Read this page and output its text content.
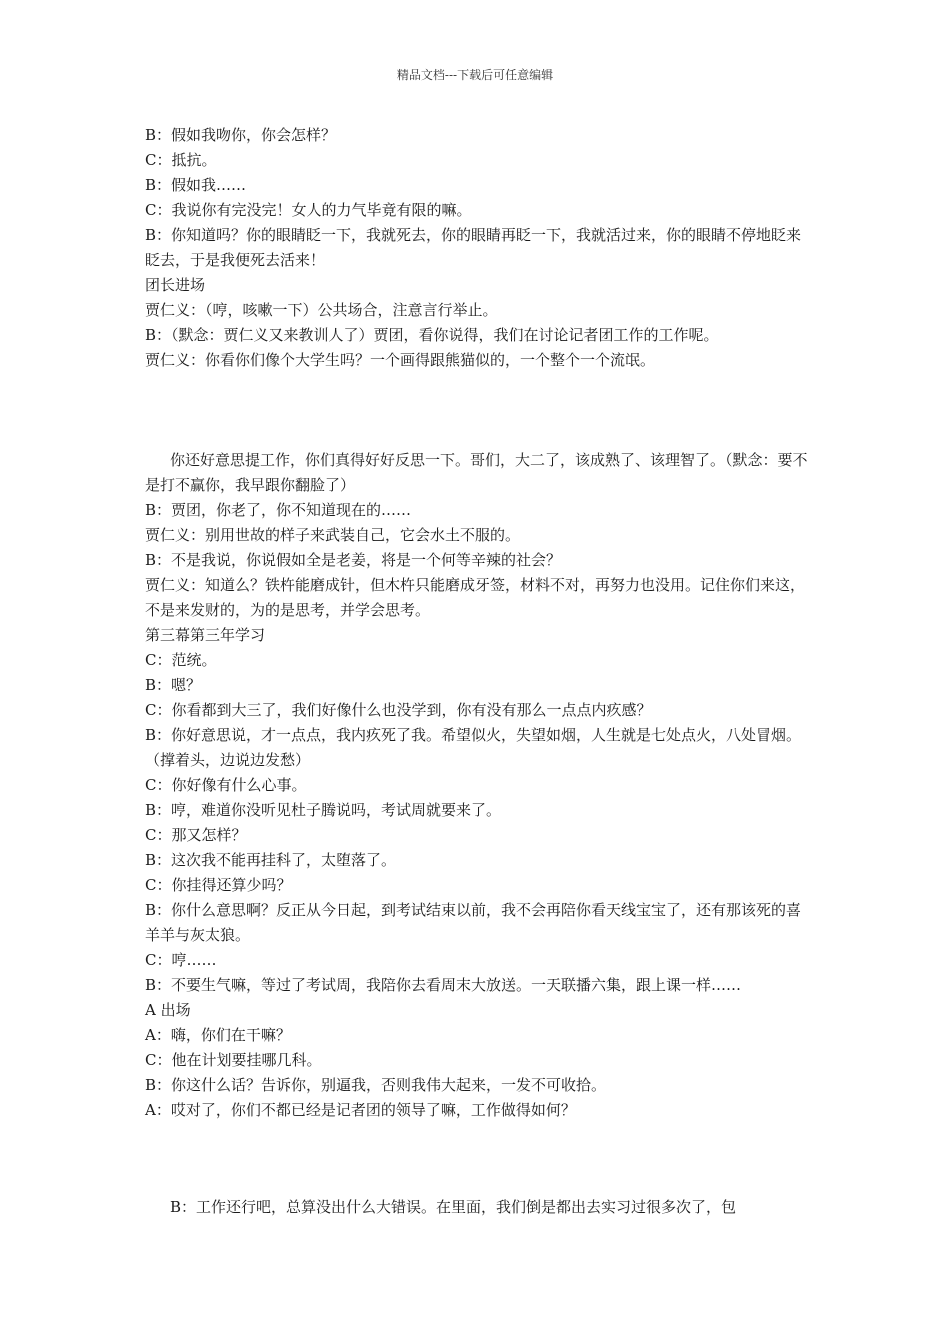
精品文档---下载后可任意编辑

B：假如我吻你，你会怎样？

C：抵抗。

B：假如我……

C：我说你有完没完！女人的力气毕竟有限的嘛。

B：你知道吗？你的眼睛眨一下，我就死去，你的眼睛再眨一下，我就活过来，你的眼睛不停地眨来眨去，于是我便死去活来！

团长进场

贾仁义：（哼，咳嗽一下）公共场合，注意言行举止。

B：（默念：贾仁义又来教训人了）贾团，看你说得，我们在讨论记者团工作的工作呢。

贾仁义：你看你们像个大学生吗？一个画得跟熊猫似的，一个整个一个流氓。

你还好意思提工作，你们真得好好反思一下。哥们，大二了，该成熟了、该理智了。（默念：要不是打不赢你，我早跟你翻脸了）

B：贾团，你老了，你不知道现在的……

贾仁义：别用世故的样子来武装自己，它会水土不服的。

B：不是我说，你说假如全是老姜，将是一个何等辛辣的社会？

贾仁义：知道么？铁杵能磨成针，但木杵只能磨成牙签，材料不对，再努力也没用。记住你们来这，不是来发财的，为的是思考，并学会思考。

第三幕第三年学习

C：范统。

B：嗯？

C：你看都到大三了，我们好像什么也没学到，你有没有那么一点点内疚感？

B：你好意思说，才一点点，我内疚死了我。希望似火，失望如烟，人生就是七处点火，八处冒烟。（撑着头，边说边发愁）

C：你好像有什么心事。

B：哼，难道你没听见杜子腾说吗，考试周就要来了。

C：那又怎样？

B：这次我不能再挂科了，太堕落了。

C：你挂得还算少吗？

B：你什么意思啊？反正从今日起，到考试结束以前，我不会再陪你看天线宝宝了，还有那该死的喜羊羊与灰太狼。

C：哼……

B：不要生气嘛，等过了考试周，我陪你去看周末大放送。一天联播六集，跟上课一样……

A 出场

A：嗨，你们在干嘛？

C：他在计划要挂哪几科。

B：你这什么话？告诉你，别逼我，否则我伟大起来，一发不可收拾。

A：哎对了，你们不都已经是记者团的领导了嘛，工作做得如何？

B：工作还行吧，总算没出什么大错误。在里面，我们倒是都出去实习过很多次了，包
